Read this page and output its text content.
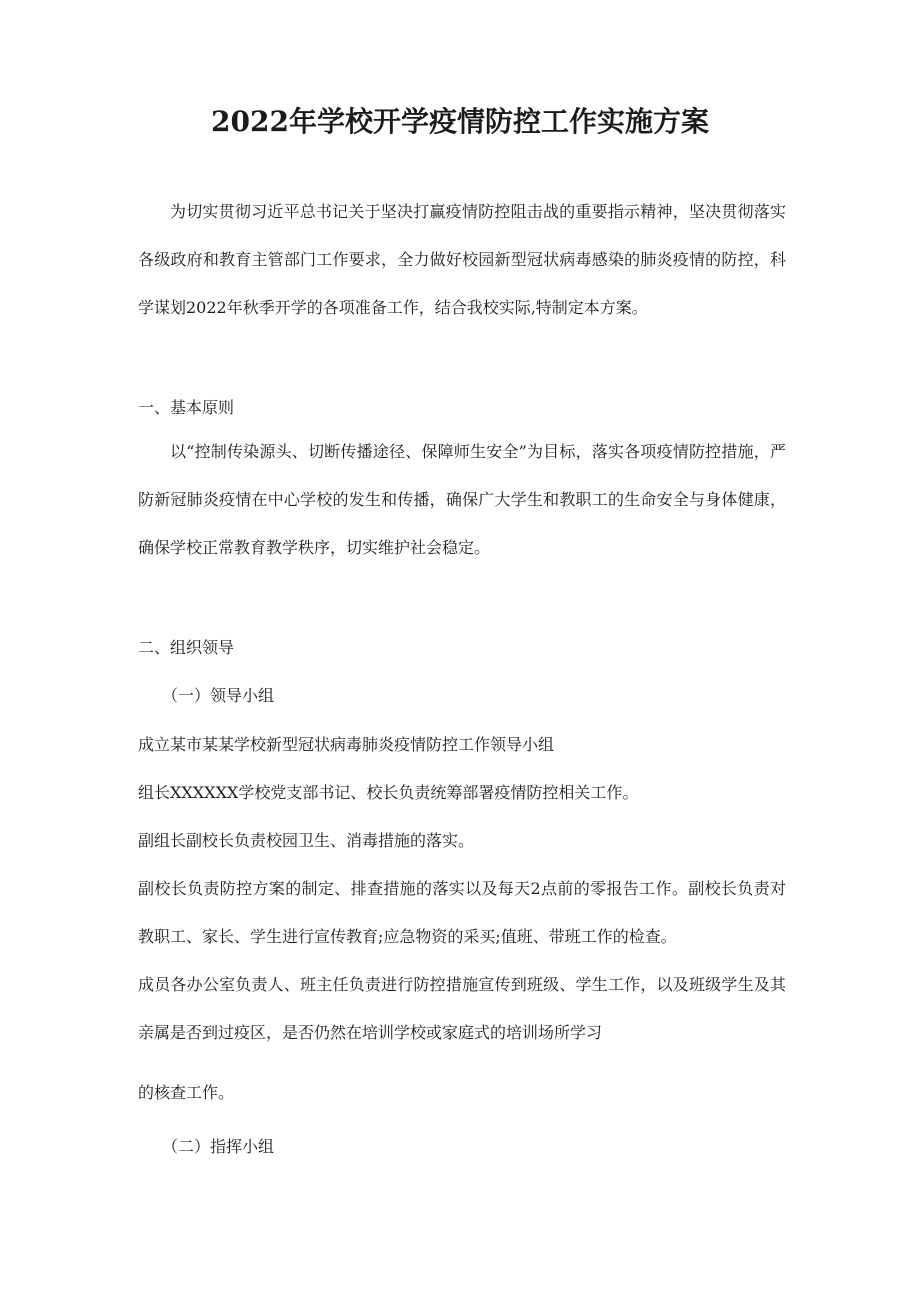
2022年学校开学疫情防控工作实施方案

为切实贯彻习近平总书记关于坚决打赢疫情防控阻击战的重要指示精神，坚决贯彻落实各级政府和教育主管部门工作要求，全力做好校园新型冠状病毒感染的肺炎疫情的防控，科学谋划2022年秋季开学的各项准备工作，结合我校实际,特制定本方案。

一、基本原则

以“控制传染源头、切断传播途径、保障师生安全”为目标，落实各项疫情防控措施，严防新冠肺炎疫情在中心学校的发生和传播，确保广大学生和教职工的生命安全与身体健康，确保学校正常教育教学秩序，切实维护社会稳定。

二、组织领导

（一）领导小组

成立某市某某学校新型冠状病毒肺炎疫情防控工作领导小组

组长XXXXXX学校党支部书记、校长负责统筹部署疫情防控相关工作。

副组长副校长负责校园卫生、消毒措施的落实。

副校长负责防控方案的制定、排查措施的落实以及每天2点前的零报告工作。副校长负责对教职工、家长、学生进行宣传教育;应急物资的采买;值班、带班工作的检查。

成员各办公室负责人、班主任负责进行防控措施宣传到班级、学生工作，以及班级学生及其亲属是否到过疫区，是否仍然在培训学校或家庭式的培训场所学习

的核查工作。

（二）指挥小组
